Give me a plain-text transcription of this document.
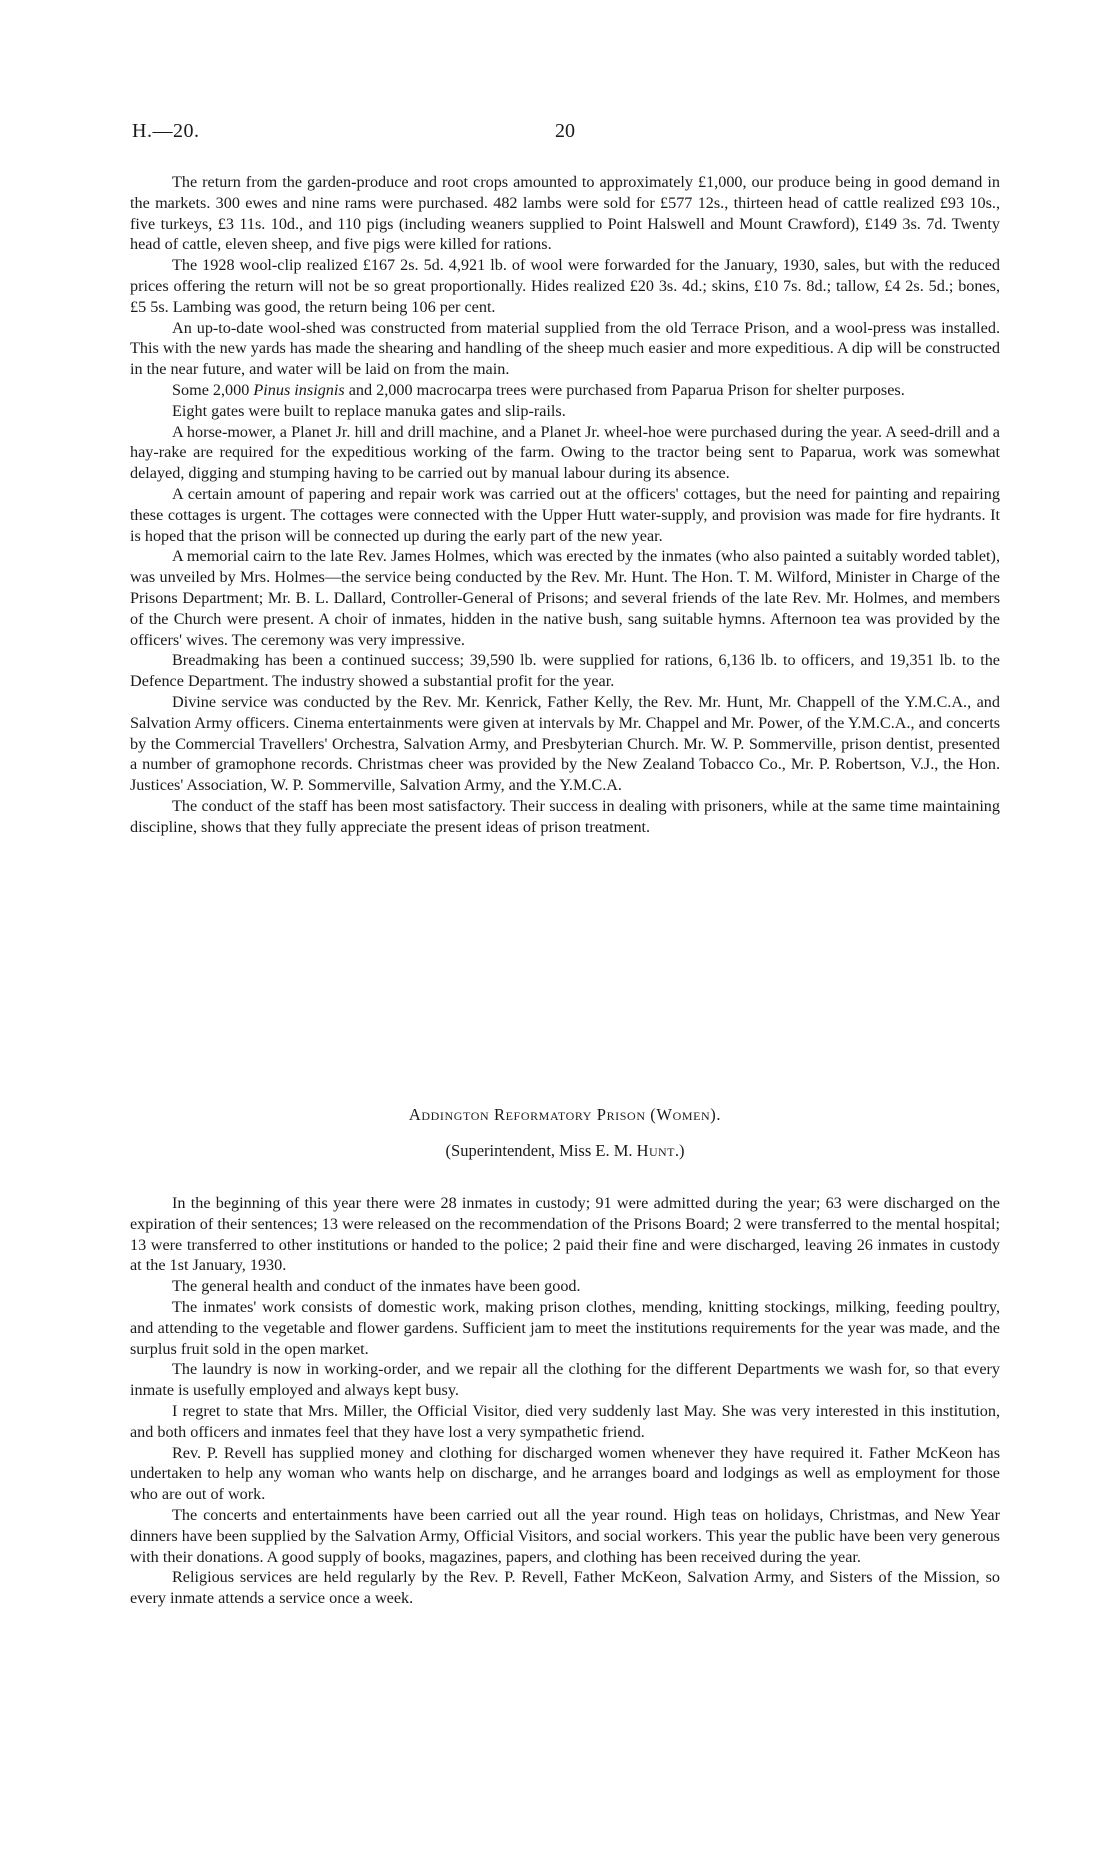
H.—20.	20

The return from the garden-produce and root crops amounted to approximately £1,000, our produce being in good demand in the markets. 300 ewes and nine rams were purchased. 482 lambs were sold for £577 12s., thirteen head of cattle realized £93 10s., five turkeys, £3 11s. 10d., and 110 pigs (including weaners supplied to Point Halswell and Mount Crawford), £149 3s. 7d. Twenty head of cattle, eleven sheep, and five pigs were killed for rations.

The 1928 wool-clip realized £167 2s. 5d. 4,921 lb. of wool were forwarded for the January, 1930, sales, but with the reduced prices offering the return will not be so great proportionally. Hides realized £20 3s. 4d.; skins, £10 7s. 8d.; tallow, £4 2s. 5d.; bones, £5 5s. Lambing was good, the return being 106 per cent.

An up-to-date wool-shed was constructed from material supplied from the old Terrace Prison, and a wool-press was installed. This with the new yards has made the shearing and handling of the sheep much easier and more expeditious. A dip will be constructed in the near future, and water will be laid on from the main.

Some 2,000 Pinus insignis and 2,000 macrocarpa trees were purchased from Paparua Prison for shelter purposes.

Eight gates were built to replace manuka gates and slip-rails.

A horse-mower, a Planet Jr. hill and drill machine, and a Planet Jr. wheel-hoe were purchased during the year. A seed-drill and a hay-rake are required for the expeditious working of the farm. Owing to the tractor being sent to Paparua, work was somewhat delayed, digging and stumping having to be carried out by manual labour during its absence.

A certain amount of papering and repair work was carried out at the officers' cottages, but the need for painting and repairing these cottages is urgent. The cottages were connected with the Upper Hutt water-supply, and provision was made for fire hydrants. It is hoped that the prison will be connected up during the early part of the new year.

A memorial cairn to the late Rev. James Holmes, which was erected by the inmates (who also painted a suitably worded tablet), was unveiled by Mrs. Holmes—the service being conducted by the Rev. Mr. Hunt. The Hon. T. M. Wilford, Minister in Charge of the Prisons Department; Mr. B. L. Dallard, Controller-General of Prisons; and several friends of the late Rev. Mr. Holmes, and members of the Church were present. A choir of inmates, hidden in the native bush, sang suitable hymns. Afternoon tea was provided by the officers' wives. The ceremony was very impressive.

Breadmaking has been a continued success; 39,590 lb. were supplied for rations, 6,136 lb. to officers, and 19,351 lb. to the Defence Department. The industry showed a substantial profit for the year.

Divine service was conducted by the Rev. Mr. Kenrick, Father Kelly, the Rev. Mr. Hunt, Mr. Chappell of the Y.M.C.A., and Salvation Army officers. Cinema entertainments were given at intervals by Mr. Chappel and Mr. Power, of the Y.M.C.A., and concerts by the Commercial Travellers' Orchestra, Salvation Army, and Presbyterian Church. Mr. W. P. Sommerville, prison dentist, presented a number of gramophone records. Christmas cheer was provided by the New Zealand Tobacco Co., Mr. P. Robertson, V.J., the Hon. Justices' Association, W. P. Sommerville, Salvation Army, and the Y.M.C.A.

The conduct of the staff has been most satisfactory. Their success in dealing with prisoners, while at the same time maintaining discipline, shows that they fully appreciate the present ideas of prison treatment.

Addington Reformatory Prison (Women).
(Superintendent, Miss E. M. Hunt.)

In the beginning of this year there were 28 inmates in custody; 91 were admitted during the year; 63 were discharged on the expiration of their sentences; 13 were released on the recommendation of the Prisons Board; 2 were transferred to the mental hospital; 13 were transferred to other institutions or handed to the police; 2 paid their fine and were discharged, leaving 26 inmates in custody at the 1st January, 1930.

The general health and conduct of the inmates have been good.

The inmates' work consists of domestic work, making prison clothes, mending, knitting stockings, milking, feeding poultry, and attending to the vegetable and flower gardens. Sufficient jam to meet the institutions requirements for the year was made, and the surplus fruit sold in the open market.

The laundry is now in working-order, and we repair all the clothing for the different Departments we wash for, so that every inmate is usefully employed and always kept busy.

I regret to state that Mrs. Miller, the Official Visitor, died very suddenly last May. She was very interested in this institution, and both officers and inmates feel that they have lost a very sympathetic friend.

Rev. P. Revell has supplied money and clothing for discharged women whenever they have required it. Father McKeon has undertaken to help any woman who wants help on discharge, and he arranges board and lodgings as well as employment for those who are out of work.

The concerts and entertainments have been carried out all the year round. High teas on holidays, Christmas, and New Year dinners have been supplied by the Salvation Army, Official Visitors, and social workers. This year the public have been very generous with their donations. A good supply of books, magazines, papers, and clothing has been received during the year.

Religious services are held regularly by the Rev. P. Revell, Father McKeon, Salvation Army, and Sisters of the Mission, so every inmate attends a service once a week.
